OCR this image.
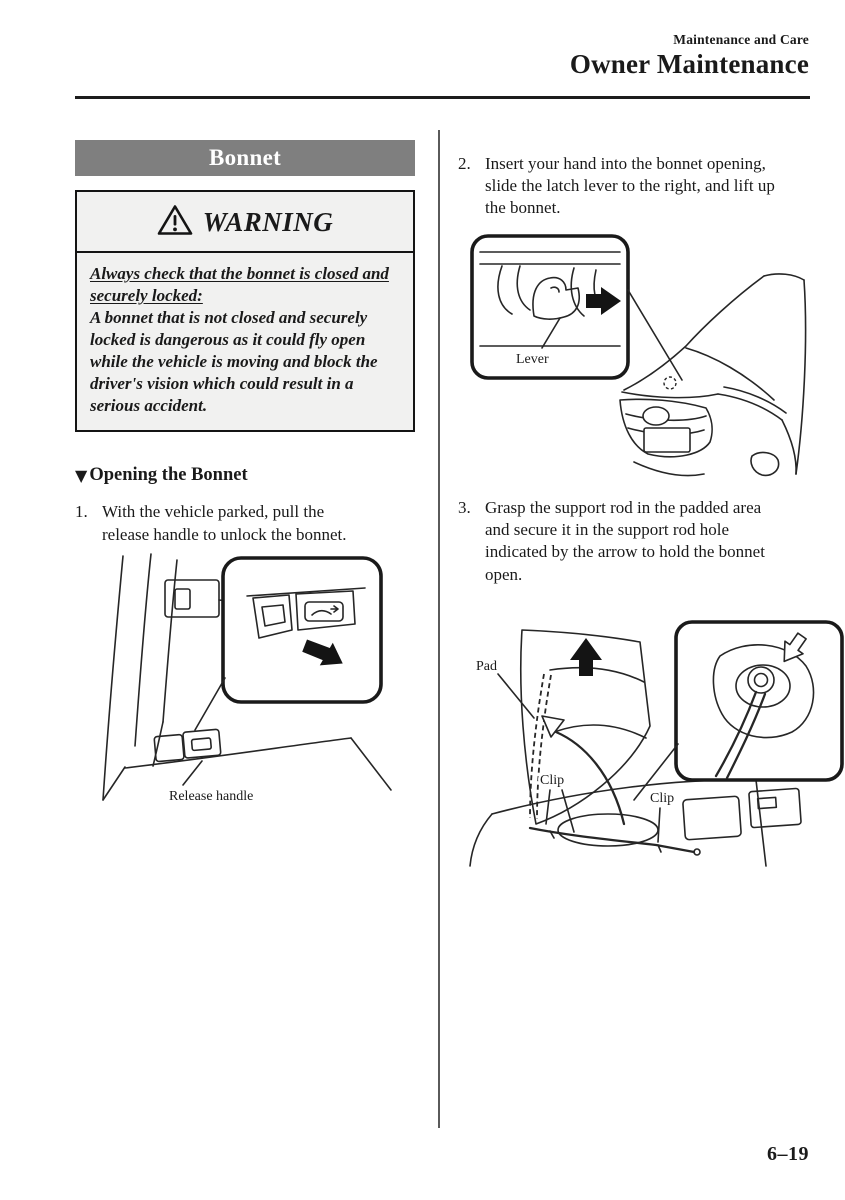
Maintenance and Care
Owner Maintenance
Bonnet
WARNING
Always check that the bonnet is closed and securely locked:
A bonnet that is not closed and securely locked is dangerous as it could fly open while the vehicle is moving and block the driver's vision which could result in a serious accident.
▼ Opening the Bonnet
1. With the vehicle parked, pull the release handle to unlock the bonnet.
Release handle
2. Insert your hand into the bonnet opening, slide the latch lever to the right, and lift up the bonnet.
Lever
3. Grasp the support rod in the padded area and secure it in the support rod hole indicated by the arrow to hold the bonnet open.
Pad
Clip
Clip
6–19
